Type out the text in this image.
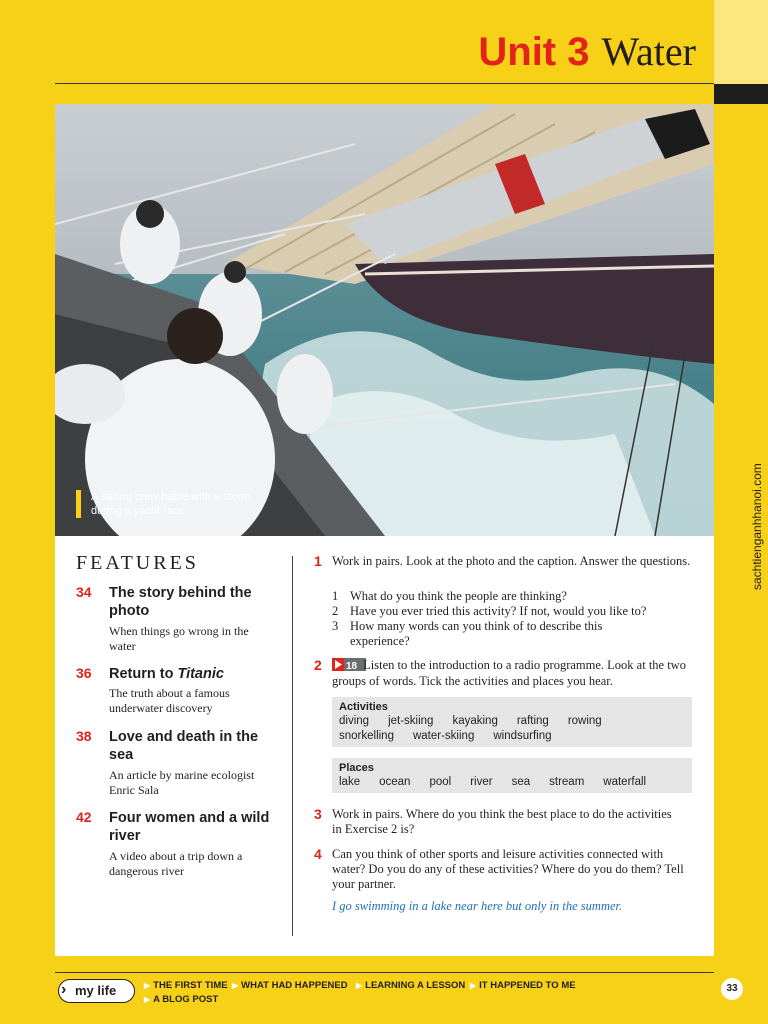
Unit 3 Water
sachtienganhhanoi.com
A sailing crew battle with a storm during a yacht race.
FEATURES
34 The story behind the photo
When things go wrong in the water
36 Return to Titanic
The truth about a famous underwater discovery
38 Love and death in the sea
An article by marine ecologist Enric Sala
42 Four women and a wild river
A video about a trip down a dangerous river
1 Work in pairs. Look at the photo and the caption. Answer the questions.
1 What do you think the people are thinking?
2 Have you ever tried this activity? If not, would you like to?
3 How many words can you think of to describe this experience?
2	18 Listen to the introduction to a radio programme. Look at the two groups of words. Tick the activities and places you hear.
Activities
diving jet-skiing kayaking rafting rowing
snorkelling water-skiing windsurfing
Places
lake ocean pool river sea stream waterfall
3 Work in pairs. Where do you think the best place to do the activities in Exercise 2 is?
4 Can you think of other sports and leisure activities connected with water? Do you do any of these activities? Where do you do them? Tell your partner.
I go swimming in a lake near here but only in the summer.
› my life	▶ THE FIRST TIME ▶ WHAT HAD HAPPENED ▶ LEARNING A LESSON ▶ IT HAPPENED TO ME
▶ A BLOG POST
33
